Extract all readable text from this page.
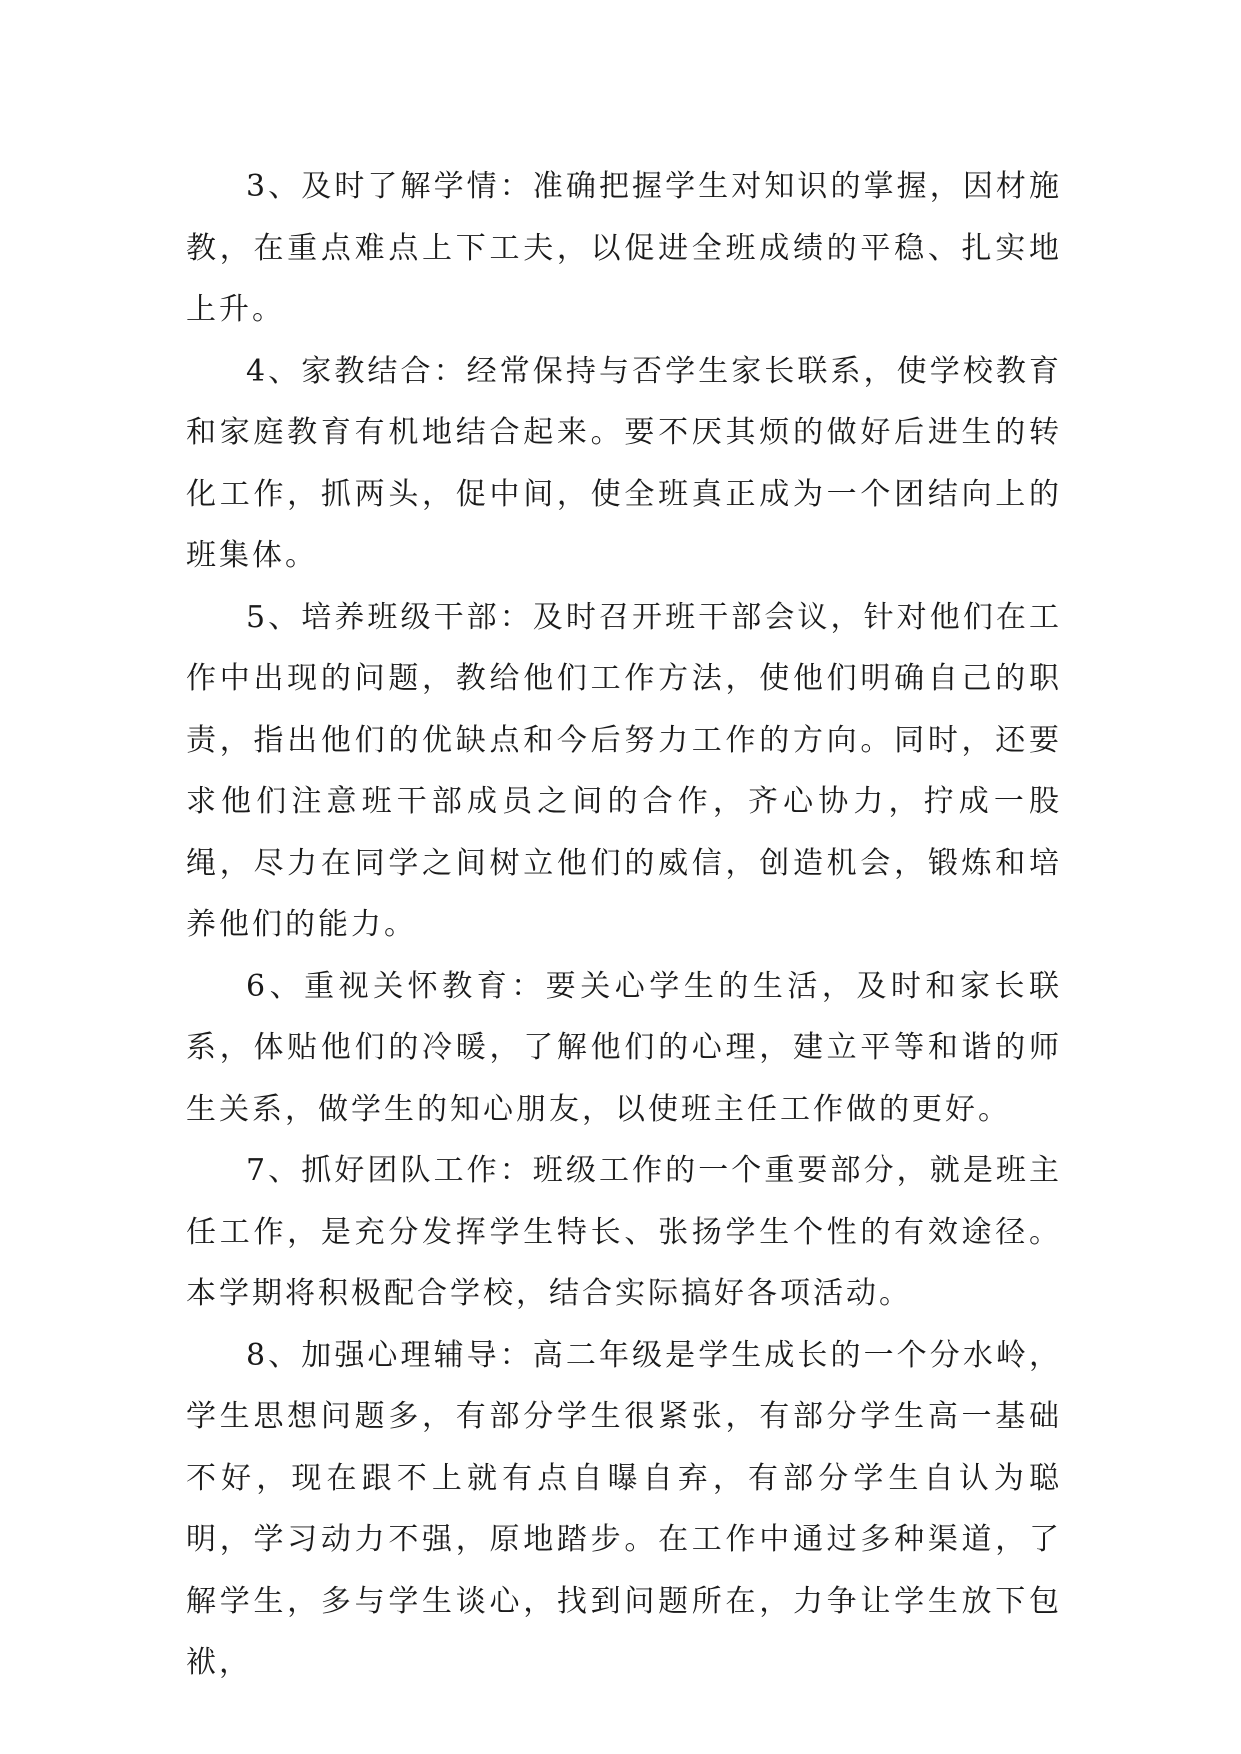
3、及时了解学情：准确把握学生对知识的掌握，因材施教，在重点难点上下工夫，以促进全班成绩的平稳、扎实地上升。

4、家教结合：经常保持与否学生家长联系，使学校教育和家庭教育有机地结合起来。要不厌其烦的做好后进生的转化工作，抓两头，促中间，使全班真正成为一个团结向上的班集体。

5、培养班级干部：及时召开班干部会议，针对他们在工作中出现的问题，教给他们工作方法，使他们明确自己的职责，指出他们的优缺点和今后努力工作的方向。同时，还要求他们注意班干部成员之间的合作，齐心协力，拧成一股绳，尽力在同学之间树立他们的威信，创造机会，锻炼和培养他们的能力。

6、重视关怀教育：要关心学生的生活，及时和家长联系，体贴他们的冷暖，了解他们的心理，建立平等和谐的师生关系，做学生的知心朋友，以使班主任工作做的更好。

7、抓好团队工作：班级工作的一个重要部分，就是班主任工作，是充分发挥学生特长、张扬学生个性的有效途径。本学期将积极配合学校，结合实际搞好各项活动。

8、加强心理辅导：高二年级是学生成长的一个分水岭，学生思想问题多，有部分学生很紧张，有部分学生高一基础不好，现在跟不上就有点自曝自弃，有部分学生自认为聪明，学习动力不强，原地踏步。在工作中通过多种渠道，了解学生，多与学生谈心，找到问题所在，力争让学生放下包袱，
